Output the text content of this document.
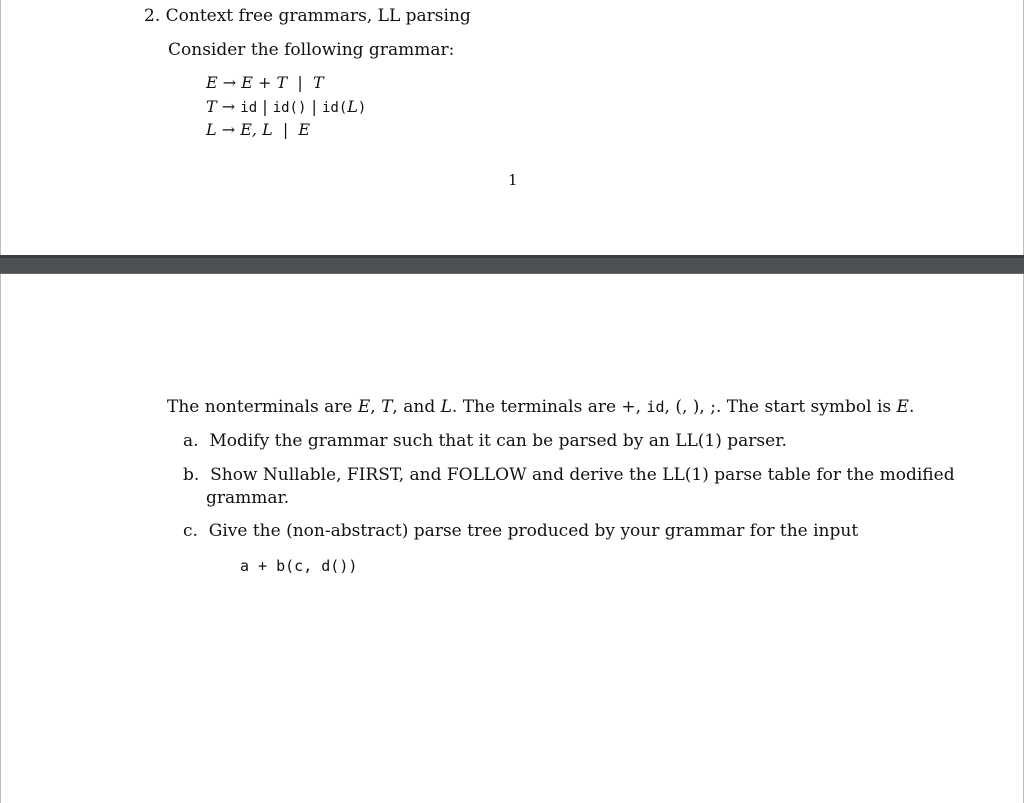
2. Context free grammars, LL parsing
Consider the following grammar:
E → E + T  |  T
T → id | id() | id(L)
L → E, L  |  E
1
The nonterminals are E, T, and L. The terminals are +, id, (, ), ;. The start symbol is E.
a.  Modify the grammar such that it can be parsed by an LL(1) parser.
b.  Show Nullable, FIRST, and FOLLOW and derive the LL(1) parse table for the modified
grammar.
c.  Give the (non-abstract) parse tree produced by your grammar for the input
a + b(c, d())
